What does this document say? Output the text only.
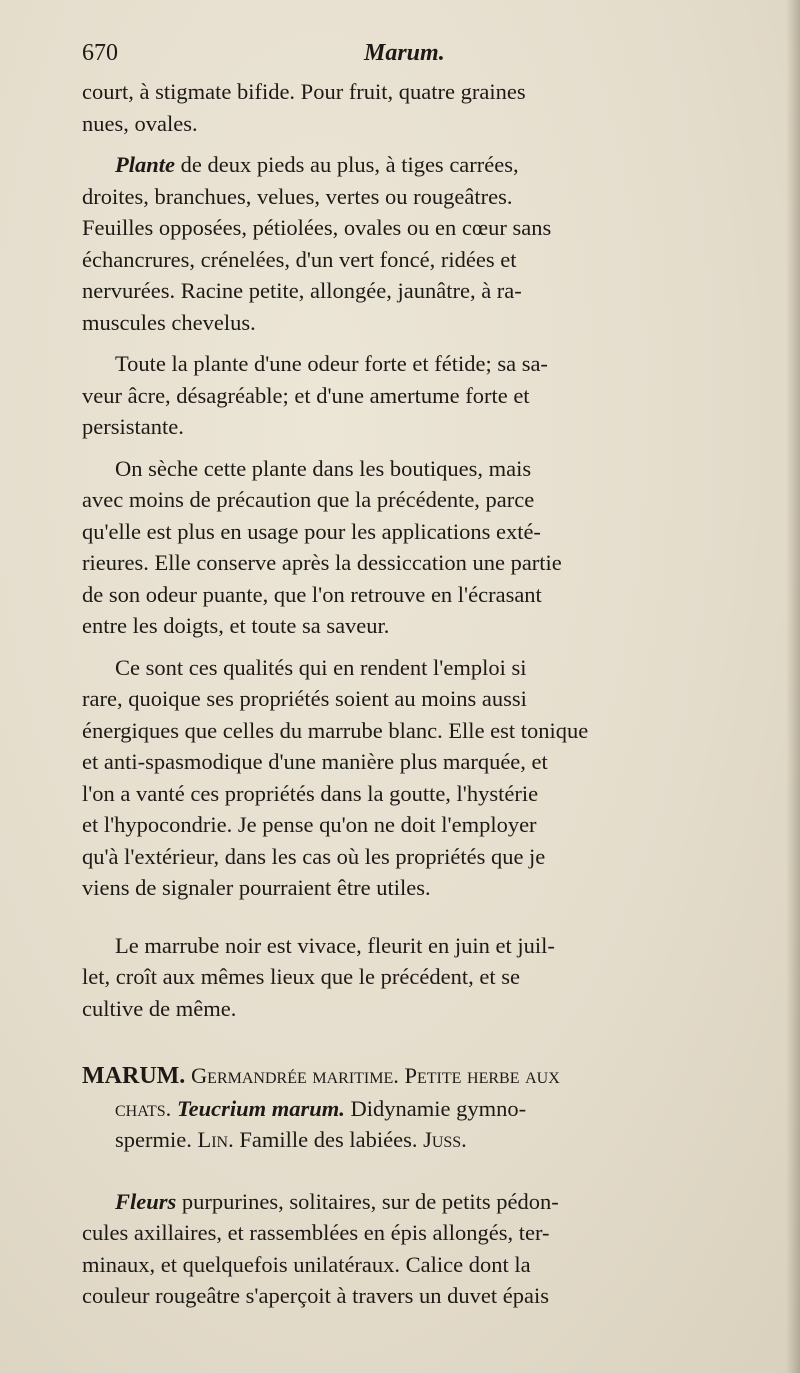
670	Marum.

court, à stigmate bifide. Pour fruit, quatre graines
nues, ovales.

Plante de deux pieds au plus, à tiges carrées,
droites, branchues, velues, vertes ou rougeâtres.
Feuilles opposées, pétiolées, ovales ou en cœur sans
échancrures, crénelées, d'un vert foncé, ridées et
nervurées. Racine petite, allongée, jaunâtre, à ra-
muscules chevelus.

Toute la plante d'une odeur forte et fétide; sa sa-
veur âcre, désagréable; et d'une amertume forte et
persistante.

On sèche cette plante dans les boutiques, mais
avec moins de précaution que la précédente, parce
qu'elle est plus en usage pour les applications exté-
rieures. Elle conserve après la dessiccation une partie
de son odeur puante, que l'on retrouve en l'écrasant
entre les doigts, et toute sa saveur.

Ce sont ces qualités qui en rendent l'emploi si
rare, quoique ses propriétés soient au moins aussi
énergiques que celles du marrube blanc. Elle est tonique
et anti-spasmodique d'une manière plus marquée, et
l'on a vanté ces propriétés dans la goutte, l'hystérie
et l'hypocondrie. Je pense qu'on ne doit l'employer
qu'à l'extérieur, dans les cas où les propriétés que je
viens de signaler pourraient être utiles.

Le marrube noir est vivace, fleurit en juin et juil-
let, croît aux mêmes lieux que le précédent, et se
cultive de même.

MARUM. Germandrée maritime. Petite herbe aux
chats. Teucrium marum. Didynamie gymno-
spermie. Lin. Famille des labiées. Juss.

Fleurs purpurines, solitaires, sur de petits pédon-
cules axillaires, et rassemblées en épis allongés, ter-
minaux, et quelquefois unilatéraux. Calice dont la
couleur rougeâtre s'aperçoit à travers un duvet épais
